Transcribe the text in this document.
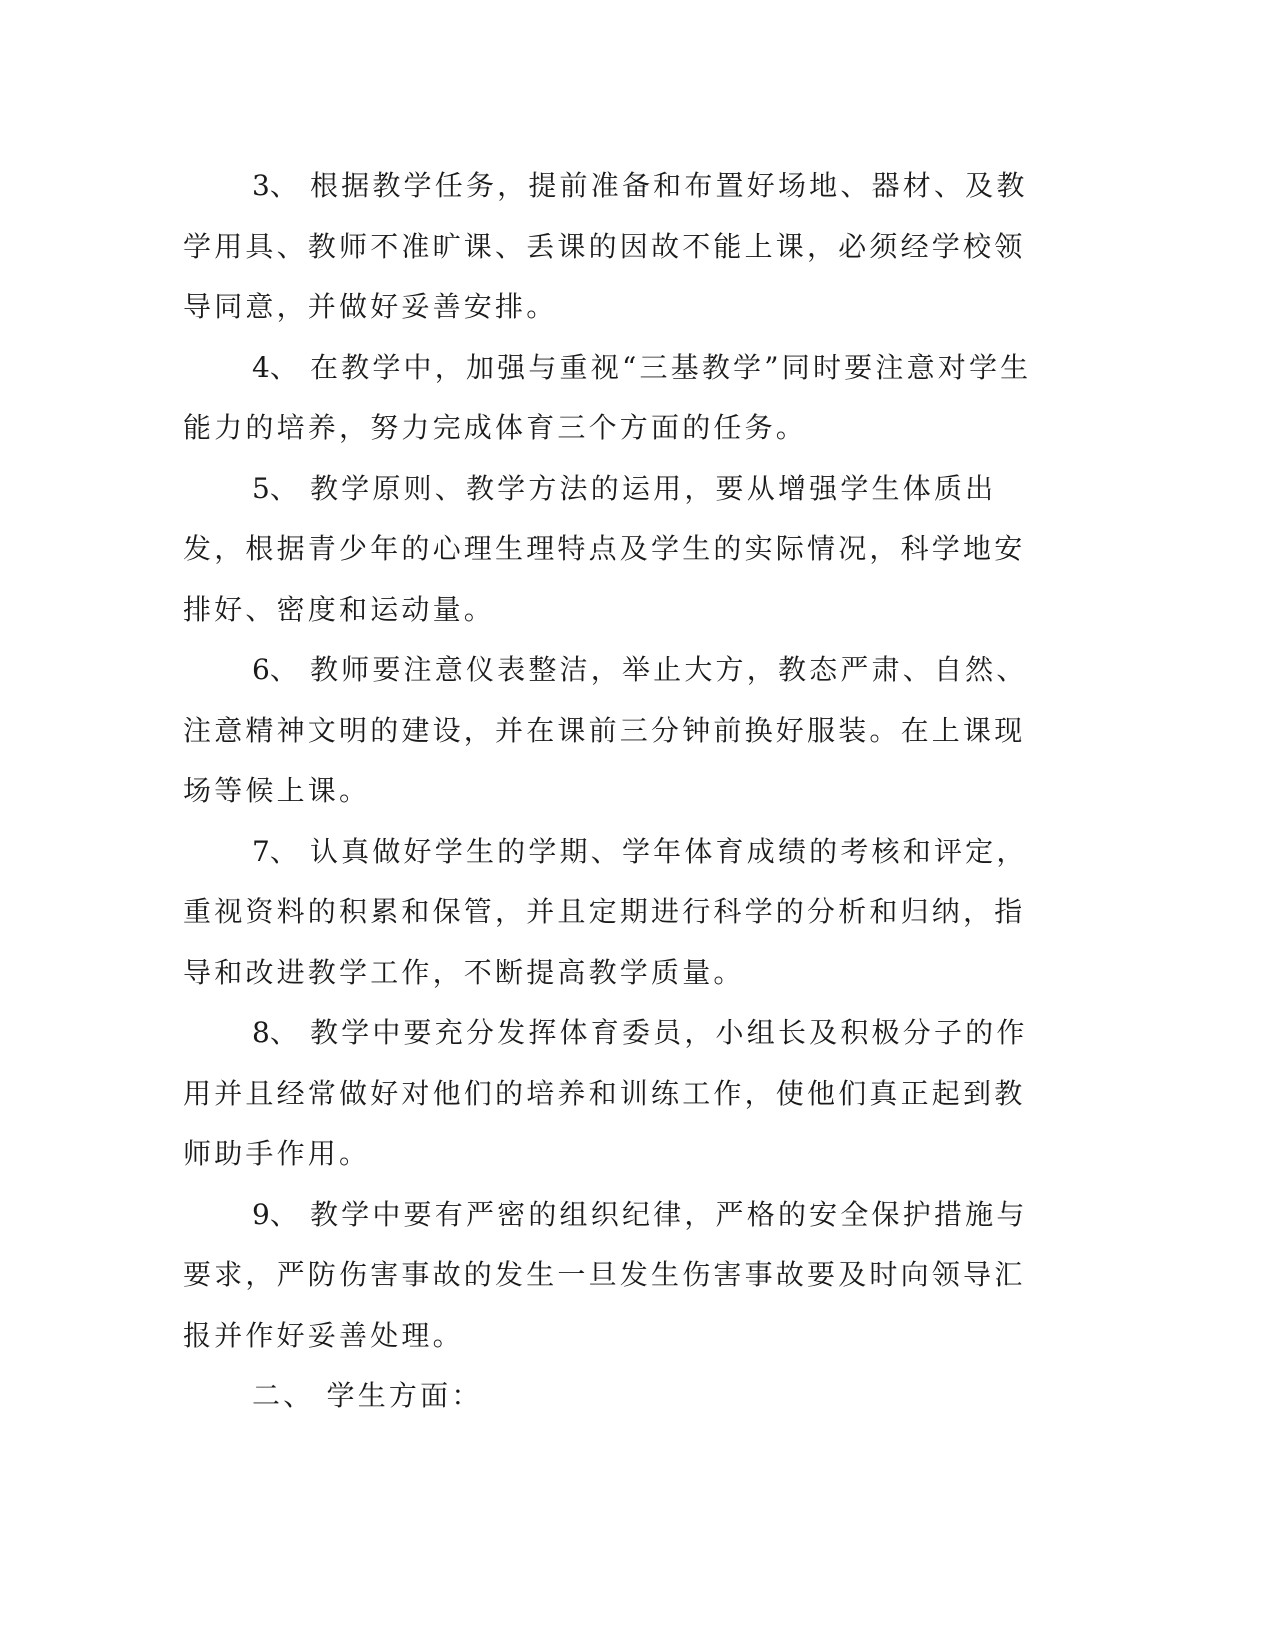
3、 根据教学任务，提前准备和布置好场地、器材、及教学用具、教师不准旷课、丢课的因故不能上课，必须经学校领导同意，并做好妥善安排。

4、 在教学中，加强与重视“三基教学”同时要注意对学生能力的培养，努力完成体育三个方面的任务。

5、 教学原则、教学方法的运用，要从增强学生体质出发，根据青少年的心理生理特点及学生的实际情况，科学地安排好、密度和运动量。

6、 教师要注意仪表整洁，举止大方，教态严肃、自然、 注意精神文明的建设，并在课前三分钟前换好服装。在上课现场等候上课。

7、 认真做好学生的学期、学年体育成绩的考核和评定，重视资料的积累和保管，并且定期进行科学的分析和归纳，指导和改进教学工作，不断提高教学质量。

8、 教学中要充分发挥体育委员，小组长及积极分子的作用并且经常做好对他们的培养和训练工作，使他们真正起到教师助手作用。

9、 教学中要有严密的组织纪律，严格的安全保护措施与要求，严防伤害事故的发生一旦发生伤害事故要及时向领导汇报并作好妥善处理。

二、 学生方面：
